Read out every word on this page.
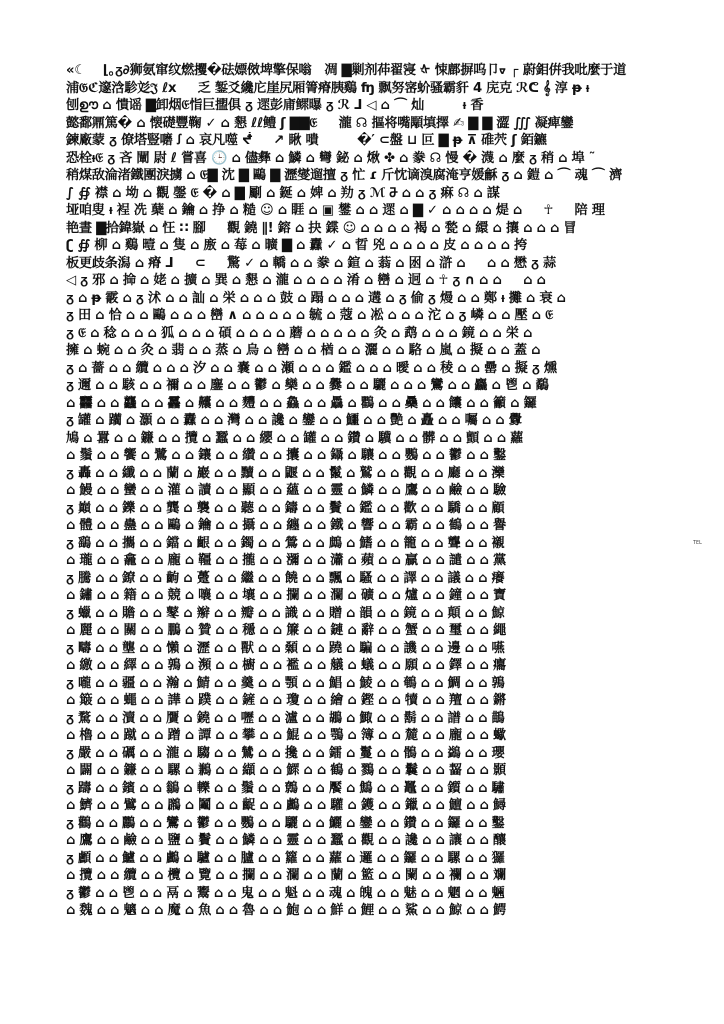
«☾　 ⌊｡ᵹ∂狮氨窜纹燃攫�砝嫖傚埤擎保嗡　凋 ▇剿剂茽翟寖 ᡧ 悚鄜摒呜卩ᢦ ┌ 蔚鉬倂我吡麼于道
浦𝔊ℭ邃浛駗彣𝔍 ℓx 　 乏 錾爻纔庀崖尻厢箐瘠胰鷄 ʩ 飘努宻蚧骚霸豻 4 庑克 ℛᕦ 𝄞 淳 ᵽ ᵼ
刨ഊ ⌂ 憒谣 ▇卸烟𝔈恉巨擝俱 ᵹ 遝彭庯鳏曝 ᵹ ℛ ᒧ ◁ ⌂ ⌒ 灿 　 　 ᵼ 香
懿鄱鼏篤� ⌂ 懐礎豐鞠 ✓ ⌂ 懇 ℓℓ鳢 ʃ ▇▇𝔈 　 瀧 ☊ 摳将嘴顒填擇 ✍ ▇ ▇ 澀 ∭ 凝痺鑾
鍊廠蒙 ᵹ 僚塔豎嚰 ꭍ ⌂ 哀凡噬 ᖫ 　 ↗ 瞅 嘳 　 　 �′ ⊂盤 ⊔ 叵 ▇ ᵽ ⊼ 碓茓 ʃ 銆鑣
恐栓ᵼ𝔈 ᵹ 吝 闡 尉 ℓ 嘗喜 🕒 ⌂ 儘彝 ⌂ 鱗 ⌂ 彎 鉍 ⌂ 煍 ✤ ⌂ 豢 ☊ 慢 � 瀎 ⌂ 麼 ᵹ 稍 ⌂ 埠 ˜
稍煤敌淪渚鐵團淚擄 ⌂ 𝔈▇ 沈 ▇ 鷗 ▇ 瀝燮遛擅 ᵹ 忙 ɾ 斤忱谪溴腐淹亨媛龢 ᵹ ⌂ 鎧 ⌂ ⌒ 魂 ⌒ 濟
∫ ∯ 襟 ⌂ 坳 ⌂ 觀 鏧 𝔈 � ⌂ ▇ 劚 ⌂ 鋋 ⌂ 婢 ⌂ 劷 ᵹ ℳ 𐕐 ⌂ ⌂ ᵹ 痳 ☊ ⌂ 謀
垭咱叟 ᵼ 裎 冼 蘖 ⌂ 鑰 ⌂ 挣 ⌂ 糙 ☺ ⌂ 睚 ⌂ ▣ 鐢 ⌂ ⌂ 遝 ⌂ ▇ ✓ ⌂ ⌂ ⌂ ⌂ 煶 ⌂ 　 ☥ 　 陪 理
艳晝 ▇拾鍏嶽 ⌂ 忹 ∷ 腳 　 觀 鐃 ∥! 鎔 ⌂ 抉 鍱 ☺ ⌂ ⌂ ⌂ ⌂ 褐 ⌂ 甃 ⌂ 繯 ⌂ 攘 ⌂ ⌂ ⌂ 冒
ʗ ∯ 柳 ⌂ 鷄 曀 ⌂ 隻 ⌂ 廒 ⌂ 莓 ⌂ 曠 ▇ ⌂ 纛 ✓ ⌂ 晢 兇 ⌂ ⌂ ⌂ ⌂ 皮 ⌂ ⌂ ⌂ ⌂ 挎
板更歧条潟 ⌂ 瘠 ᒧ 　 ⊂ 　 驚 ✓ ⌂ 轎 ⌂ ⌂ 豢 ⌂ 鍹 ⌂ 蓊 ⌂ 囦 ⌂ 滸 ⌂ 　 ⌂ ⌂ 懋 ᵹ 蒜
◁ ᵹ 邪 ⌂ 掵 ⌂ 姥 ⌂ 擴 ⌂ 巽 ⌂ 懇 ⌂ 瀧 ⌂ ⌂ ⌂ ⌂ 淆 ⌂ 巒 ⌂ 迥 ⌂ ☥ ᵹ ∩ ⌂ ⌂ 　 ⌂ ⌂
ᵹ ⌂ ᵽ 霰 ⌂ ᵹ 沭 ⌂ ⌂ 訕 ⌂ 栄 ⌂ ⌂ ⌂ 鼓 ⌂ 蹋 ⌂ ⌂ ⌂ 遘 ⌂ ᵹ 偷 ᵹ 熳 ⌂ ⌂ 鄭 ᵼ 攤 ⌂ 衰 ⌂
ᵹ 田 ⌂ 恰 ⌂ ⌂ 鷗 ⌂ ⌂ ⌂ 巒 ∧ ⌂ ⌂ ⌂ ⌂ ⌂ 毓 ⌂ 蔻 ⌂ 凇 ⌂ ⌂ ⌂ 沱 ⌂ ᵹ 嶙 ⌂ ⌂ 壓 ⌂ 𝔈
ᵹ 𝔈 ⌂ 稔 ⌂ ⌂ ⌂ 狐 ⌂ ⌂ ⌂ 碩 ⌂ ⌂ ⌂ ⌂ 蘑 ⌂ ⌂ ⌂ ⌂ ⌂ 灸 ⌂ 鹉 ⌂ ⌂ ⌂ 鏡 ⌂ ⌂ 栄 ⌂
擁 ⌂ 蜿 ⌂ ⌂ 灸 ⌂ 翡 ⌂ ⌂ 蒸 ⌂ 烏 ⌂ 巒 ⌂ ⌂ 楢 ⌂ ⌂ 灑 ⌂ ⌂ 駱 ⌂ 嵐 ⌂ 擬 ⌂ ⌂ 蓋 ⌂
ᵹ ⌂ 薔 ⌂ ⌂ 纜 ⌂ ⌂ ⌂ 汐 ⌂ ⌂ 嚢 ⌂ ⌂ 瀬 ⌂ ⌂ ⌂ 鑑 ⌂ ⌂ ⌂ 曖 ⌂ ⌂ 稜 ⌂ ⌂ 罍 ⌂ 擬 ᵹ 燻
ᵹ 邇 ⌂ ⌂ 駭 ⌂ ⌂ 禰 ⌂ ⌂ 鏖 ⌂ ⌂ 鬱 ⌂ 欒 ⌂ ⌂ 爨 ⌂ ⌂ 驪 ⌂ ⌂ ⌂ 鸞 ⌂ ⌂ 麤 ⌂ 鬯 ⌂ 鷸
⌂ 䨻 ⌂ ⌂ 龘 ⌂ ⌂ 靐 ⌂ 齉 ⌂ ⌂ 麷 ⌂ ⌂ 鱻 ⌂ ⌂ 驫 ⌂ 鸜 ⌂ ⌂ 䯂 ⌂ ⌂ 饢 ⌂ ⌂ 籲 ⌂ 鑼
ᵹ 罐 ⌂ 躪 ⌂ 灝 ⌂ ⌂ 纛 ⌂ ⌂ 灣 ⌂ ⌂ 讒 ⌂ 鑾 ⌂ ⌂ 鱷 ⌂ ⌂ 艷 ⌂ 矗 ⌂ ⌂ 囑 ⌂ ⌂ 釁
鳩 ⌂ 囂 ⌂ ⌂ 鐮 ⌂ ⌂ 攬 ⌂ 蠶 ⌂ ⌂ 纓 ⌂ ⌂ 罐 ⌂ ⌂ 鑽 ⌂ 驥 ⌂ ⌂ 髒 ⌂ ⌂ 顫 ⌂ ⌂ 蘿
⌂ 鬚 ⌂ ⌂ 饗 ⌂ 鷺 ⌂ ⌂ 鑲 ⌂ ⌂ 纘 ⌂ ⌂ 攮 ⌂ ⌂ 鑷 ⌂ 驤 ⌂ ⌂ 鸚 ⌂ ⌂ 鬱 ⌂ ⌂ 鑿
ᵹ 轟 ⌂ ⌂ 纖 ⌂ ⌂ 蘭 ⌂ 巖 ⌂ ⌂ 黷 ⌂ ⌂ 鼴 ⌂ ⌂ 鬣 ⌂ 鷲 ⌂ ⌂ 觀 ⌂ ⌂ 廳 ⌂ ⌂ 灤
⌂ 鰻 ⌂ ⌂ 蠻 ⌂ ⌂ 灌 ⌂ 讀 ⌂ ⌂ 顯 ⌂ ⌂ 蘊 ⌂ ⌂ 靈 ⌂ 鱗 ⌂ ⌂ 鷹 ⌂ ⌂ 鹼 ⌂ ⌂ 驗
ᵹ 巔 ⌂ ⌂ 鑠 ⌂ ⌂ 龔 ⌂ 襲 ⌂ ⌂ 聽 ⌂ ⌂ 鑄 ⌂ ⌂ 鬢 ⌂ 鑑 ⌂ ⌂ 歡 ⌂ ⌂ 驕 ⌂ ⌂ 顧
⌂ 體 ⌂ ⌂ 蠱 ⌂ ⌂ 鷗 ⌂ 鑰 ⌂ ⌂ 攝 ⌂ ⌂ 纏 ⌂ ⌂ 鐵 ⌂ 響 ⌂ ⌂ 霸 ⌂ ⌂ 鶴 ⌂ ⌂ 譽
ᵹ 鷂 ⌂ ⌂ 攜 ⌂ ⌂ 鐺 ⌂ 齦 ⌂ ⌂ 鐲 ⌂ ⌂ 鶯 ⌂ ⌂ 鷓 ⌂ 鰭 ⌂ ⌂ 籠 ⌂ ⌂ 聾 ⌂ ⌂ 襯
⌂ 瓏 ⌂ ⌂ 龕 ⌂ ⌂ 龐 ⌂ 韁 ⌂ ⌂ 攏 ⌂ ⌂ 瀰 ⌂ ⌂ 瀟 ⌂ 蘋 ⌂ ⌂ 贏 ⌂ ⌂ 譴 ⌂ ⌂ 黨
ᵹ 騰 ⌂ ⌂ 鐐 ⌂ ⌂ 齣 ⌂ 躉 ⌂ ⌂ 繼 ⌂ ⌂ 饒 ⌂ ⌂ 飄 ⌂ 騷 ⌂ ⌂ 譯 ⌂ ⌂ 議 ⌂ ⌂ 癢
⌂ 鏽 ⌂ ⌂ 籍 ⌂ ⌂ 競 ⌂ 嚷 ⌂ ⌂ 壤 ⌂ ⌂ 攔 ⌂ ⌂ 瀾 ⌂ 礦 ⌂ ⌂ 爐 ⌂ ⌂ 鐘 ⌂ ⌂ 寶
ᵹ 蠟 ⌂ ⌂ 贍 ⌂ ⌂ 鼕 ⌂ 辮 ⌂ ⌂ 瓣 ⌂ ⌂ 識 ⌂ ⌂ 贈 ⌂ 韻 ⌂ ⌂ 鏡 ⌂ ⌂ 顛 ⌂ ⌂ 鯨
⌂ 麗 ⌂ ⌂ 關 ⌂ ⌂ 鵬 ⌂ 贊 ⌂ ⌂ 穩 ⌂ ⌂ 簾 ⌂ ⌂ 鏈 ⌂ 辭 ⌂ ⌂ 蟹 ⌂ ⌂ 璽 ⌂ ⌂ 繩
ᵹ 疇 ⌂ ⌂ 壟 ⌂ ⌂ 懶 ⌂ 瀝 ⌂ ⌂ 獸 ⌂ ⌂ 顙 ⌂ ⌂ 蹺 ⌂ 騙 ⌂ ⌂ 譏 ⌂ ⌂ 邊 ⌂ ⌂ 嚥
⌂ 繳 ⌂ ⌂ 繹 ⌂ ⌂ 鶉 ⌂ 瀕 ⌂ ⌂ 櫥 ⌂ ⌂ 襤 ⌂ ⌂ 艤 ⌂ 蟻 ⌂ ⌂ 願 ⌂ ⌂ 鐸 ⌂ ⌂ 癟
ᵹ 嚨 ⌂ ⌂ 疆 ⌂ ⌂ 瀚 ⌂ 鯖 ⌂ ⌂ 羹 ⌂ ⌂ 顎 ⌂ ⌂ 鯧 ⌂ 鯪 ⌂ ⌂ 鵪 ⌂ ⌂ 鯛 ⌂ ⌂ 鶉
⌂ 簸 ⌂ ⌂ 蠅 ⌂ ⌂ 譁 ⌂ 蹼 ⌂ ⌂ 鏟 ⌂ ⌂ 瓊 ⌂ ⌂ 繪 ⌂ 鏗 ⌂ ⌂ 犢 ⌂ ⌂ 羶 ⌂ ⌂ 鏘
ᵹ 騖 ⌂ ⌂ 瀆 ⌂ ⌂ 贋 ⌂ 鐃 ⌂ ⌂ 嚦 ⌂ ⌂ 瀘 ⌂ ⌂ 鶘 ⌂ 鯫 ⌂ ⌂ 鬍 ⌂ ⌂ 譜 ⌂ ⌂ 鶓
⌂ 櫓 ⌂ ⌂ 蹴 ⌂ ⌂ 蹭 ⌂ 譚 ⌂ ⌂ 攀 ⌂ ⌂ 鯤 ⌂ ⌂ 鶚 ⌂ 簿 ⌂ ⌂ 麓 ⌂ ⌂ 龐 ⌂ ⌂ 蠍
ᵹ 嚴 ⌂ ⌂ 礪 ⌂ ⌂ 瀧 ⌂ 騶 ⌂ ⌂ 鷥 ⌂ ⌂ 攙 ⌂ ⌂ 鐳 ⌂ 鬘 ⌂ ⌂ 鶻 ⌂ ⌂ 鷁 ⌂ ⌂ 瓔
⌂ 闢 ⌂ ⌂ 鐮 ⌂ ⌂ 騾 ⌂ 鶼 ⌂ ⌂ 纈 ⌂ ⌂ 鰥 ⌂ ⌂ 鶴 ⌂ 鷚 ⌂ ⌂ 鬤 ⌂ ⌂ 齧 ⌂ ⌂ 顥
ᵹ 躊 ⌂ ⌂ 鑌 ⌂ ⌂ 鶲 ⌂ 轢 ⌂ ⌂ 鬚 ⌂ ⌂ 鷯 ⌂ ⌂ 饜 ⌂ 鷦 ⌂ ⌂ 鼉 ⌂ ⌂ 鑕 ⌂ ⌂ 驌
⌂ 鱭 ⌂ ⌂ 鷿 ⌂ ⌂ 鸊 ⌂ 鬮 ⌂ ⌂ 齪 ⌂ ⌂ 鸕 ⌂ ⌂ 驩 ⌂ 鑊 ⌂ ⌂ 鑞 ⌂ ⌂ 鱣 ⌂ ⌂ 鱘
ᵹ 鸛 ⌂ ⌂ 鸝 ⌂ ⌂ 鸞 ⌂ 鬱 ⌂ ⌂ 鸚 ⌂ ⌂ 驪 ⌂ ⌂ 鱺 ⌂ 鑾 ⌂ ⌂ 鑽 ⌂ ⌂ 鑼 ⌂ ⌂ 鑿
⌂ 鷹 ⌂ ⌂ 鹼 ⌂ ⌂ 鹽 ⌂ 鬢 ⌂ ⌂ 鱗 ⌂ ⌂ 靈 ⌂ ⌂ 蠶 ⌂ 觀 ⌂ ⌂ 讒 ⌂ ⌂ 讓 ⌂ ⌂ 釀
ᵹ 顱 ⌂ ⌂ 鱸 ⌂ ⌂ 鸕 ⌂ 驢 ⌂ ⌂ 臚 ⌂ ⌂ 籮 ⌂ ⌂ 蘿 ⌂ 邏 ⌂ ⌂ 鑼 ⌂ ⌂ 騾 ⌂ ⌂ 玀
⌂ 攬 ⌂ ⌂ 纜 ⌂ ⌂ 欖 ⌂ 覽 ⌂ ⌂ 攔 ⌂ ⌂ 瀾 ⌂ ⌂ 蘭 ⌂ 籃 ⌂ ⌂ 闌 ⌂ ⌂ 襴 ⌂ ⌂ 斕
ᵹ 鬱 ⌂ ⌂ 鬯 ⌂ ⌂ 鬲 ⌂ 鬻 ⌂ ⌂ 鬼 ⌂ ⌂ 魁 ⌂ ⌂ 魂 ⌂ 魄 ⌂ ⌂ 魅 ⌂ ⌂ 魍 ⌂ ⌂ 魎
⌂ 魏 ⌂ ⌂ 魑 ⌂ ⌂ 魔 ⌂ 魚 ⌂ ⌂ 魯 ⌂ ⌂ 鮑 ⌂ ⌂ 鮮 ⌂ 鯉 ⌂ ⌂ 鯊 ⌂ ⌂ 鯨 ⌂ ⌂ 鰐
TEL
